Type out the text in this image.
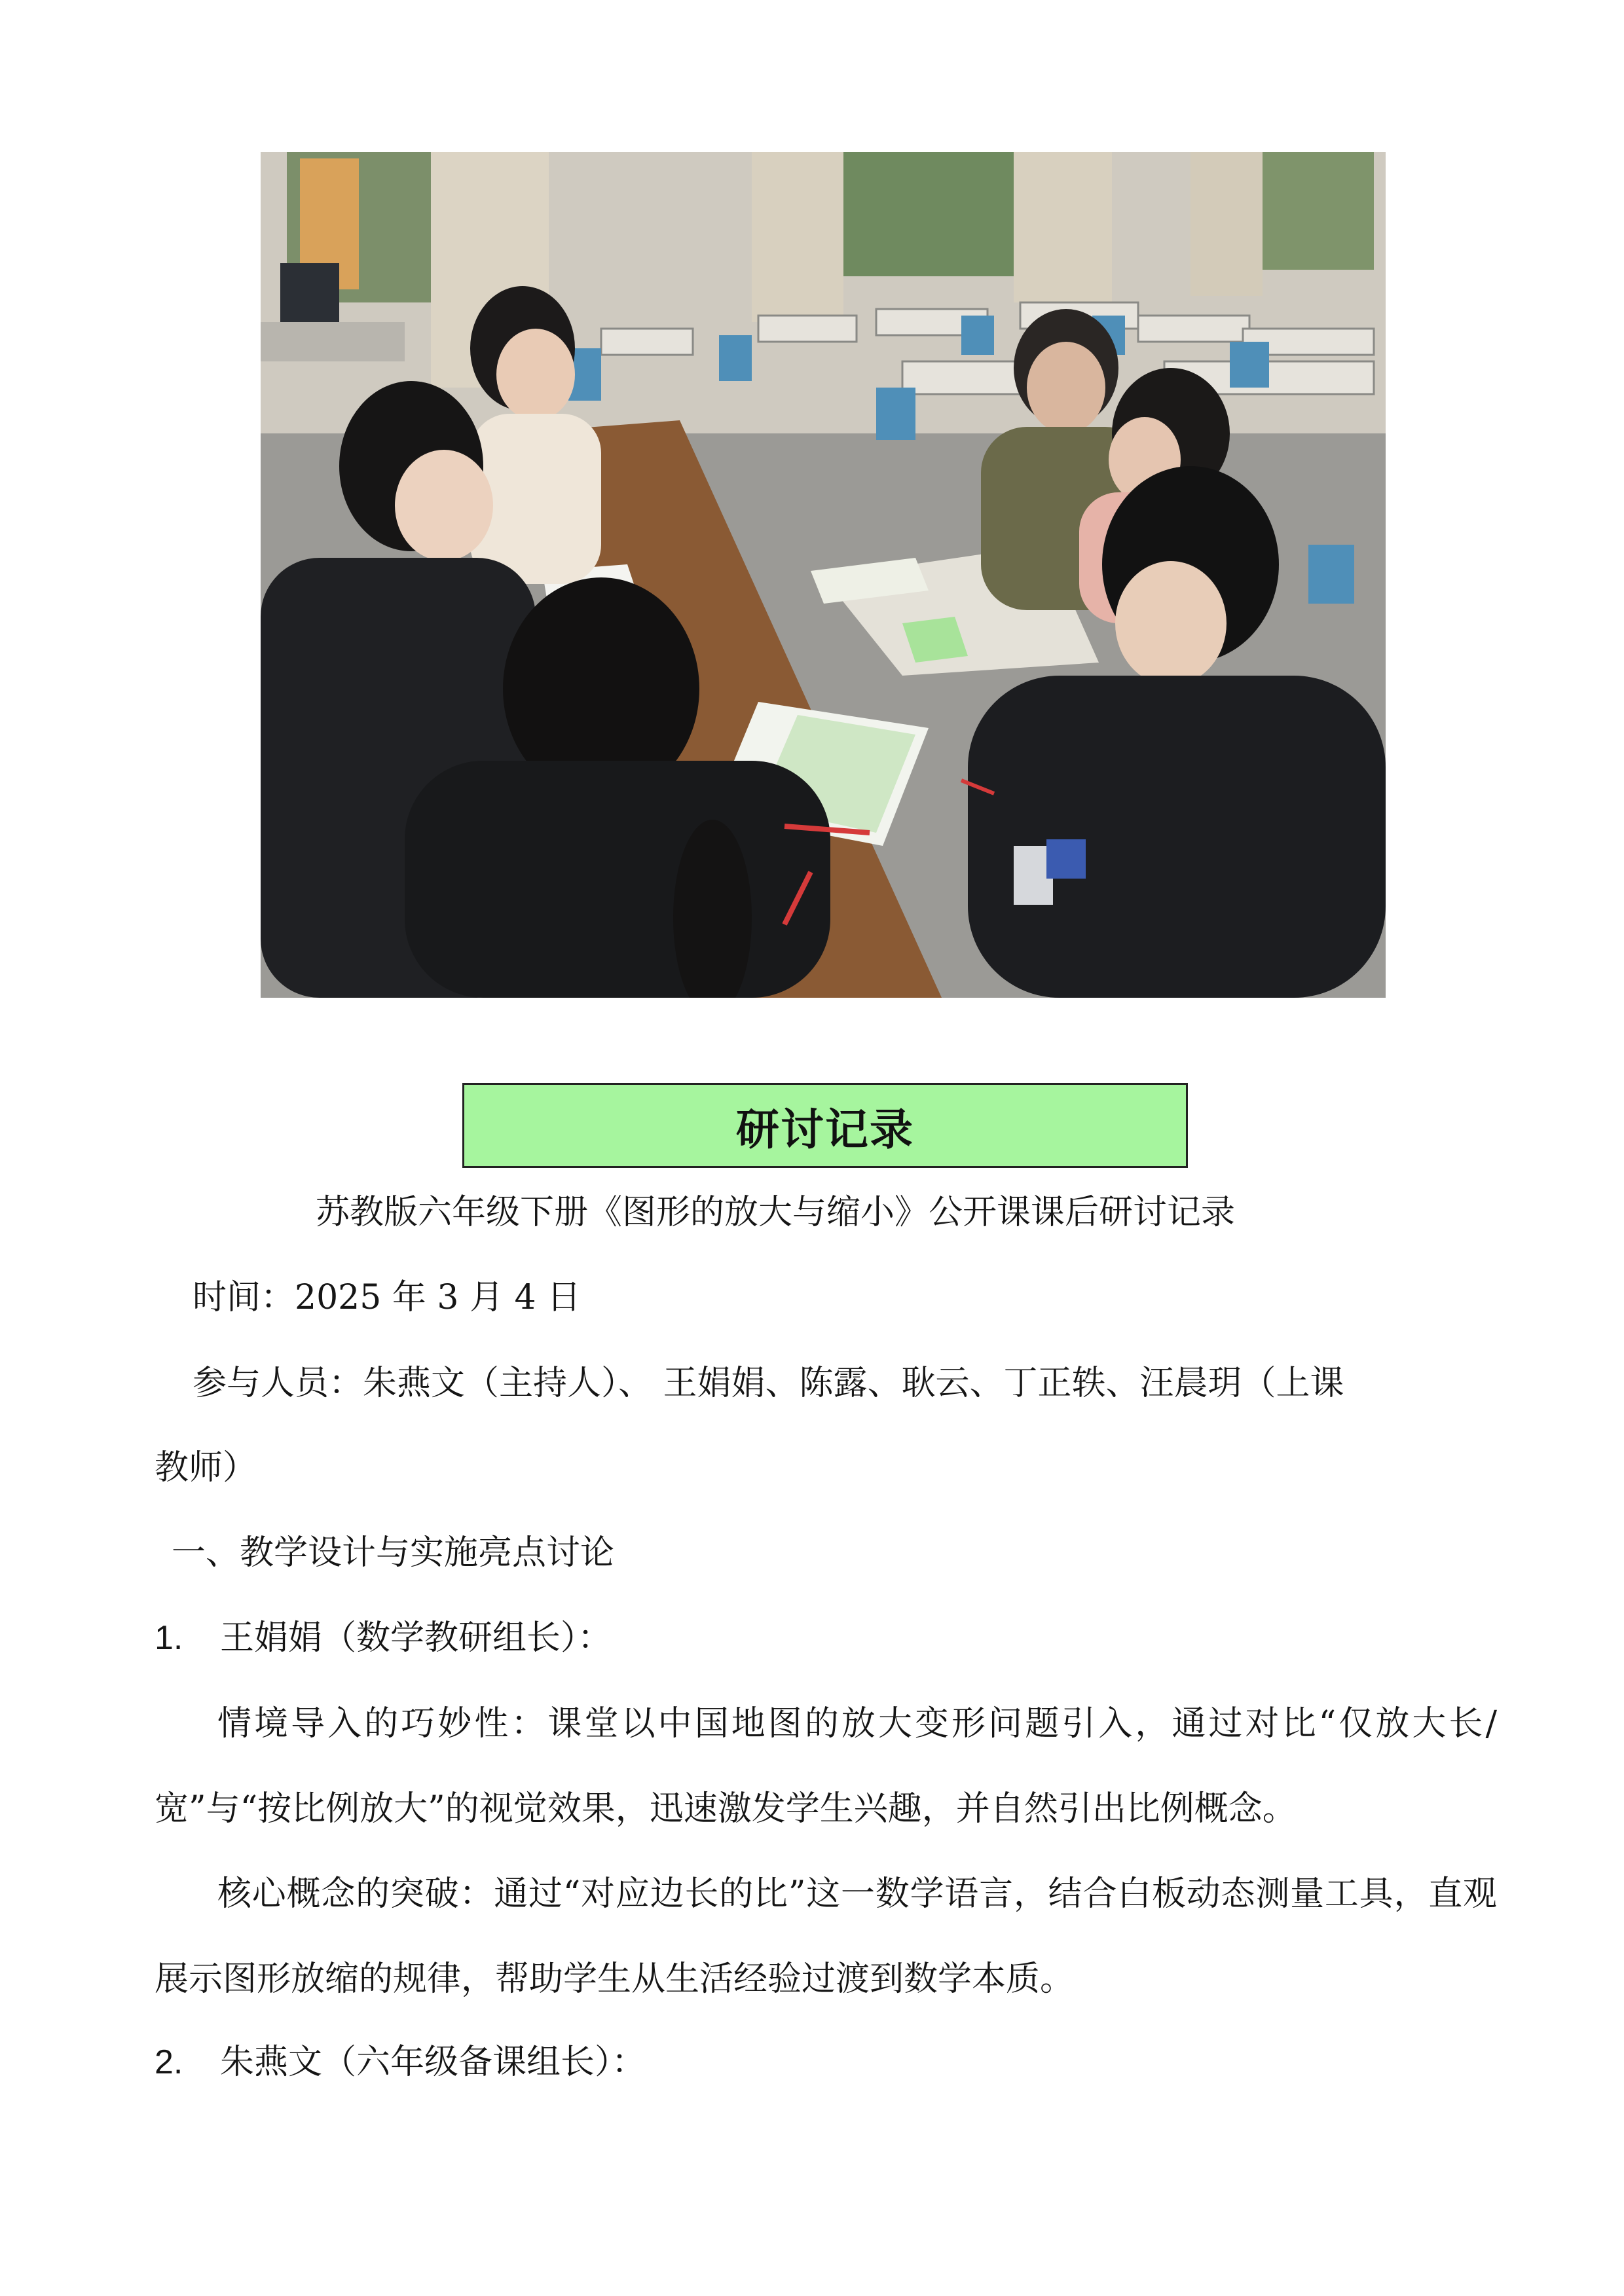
研讨记录
苏教版六年级下册《图形的放大与缩小》公开课课后研讨记录
时间：2025 年 3 月 4 日
参与人员：朱燕文（主持人）、 王娟娟、陈露、耿云、丁正轶、汪晨玥（上课
教师）
一、教学设计与实施亮点讨论
1. 王娟娟（数学教研组长）：
情境导入的巧妙性：课堂以中国地图的放大变形问题引入，通过对比“仅放大长/宽”与“按比例放大”的视觉效果，迅速激发学生兴趣，并自然引出比例概念。
核心概念的突破：通过“对应边长的比”这一数学语言，结合白板动态测量工具，直观展示图形放缩的规律，帮助学生从生活经验过渡到数学本质。
2. 朱燕文（六年级备课组长）：
